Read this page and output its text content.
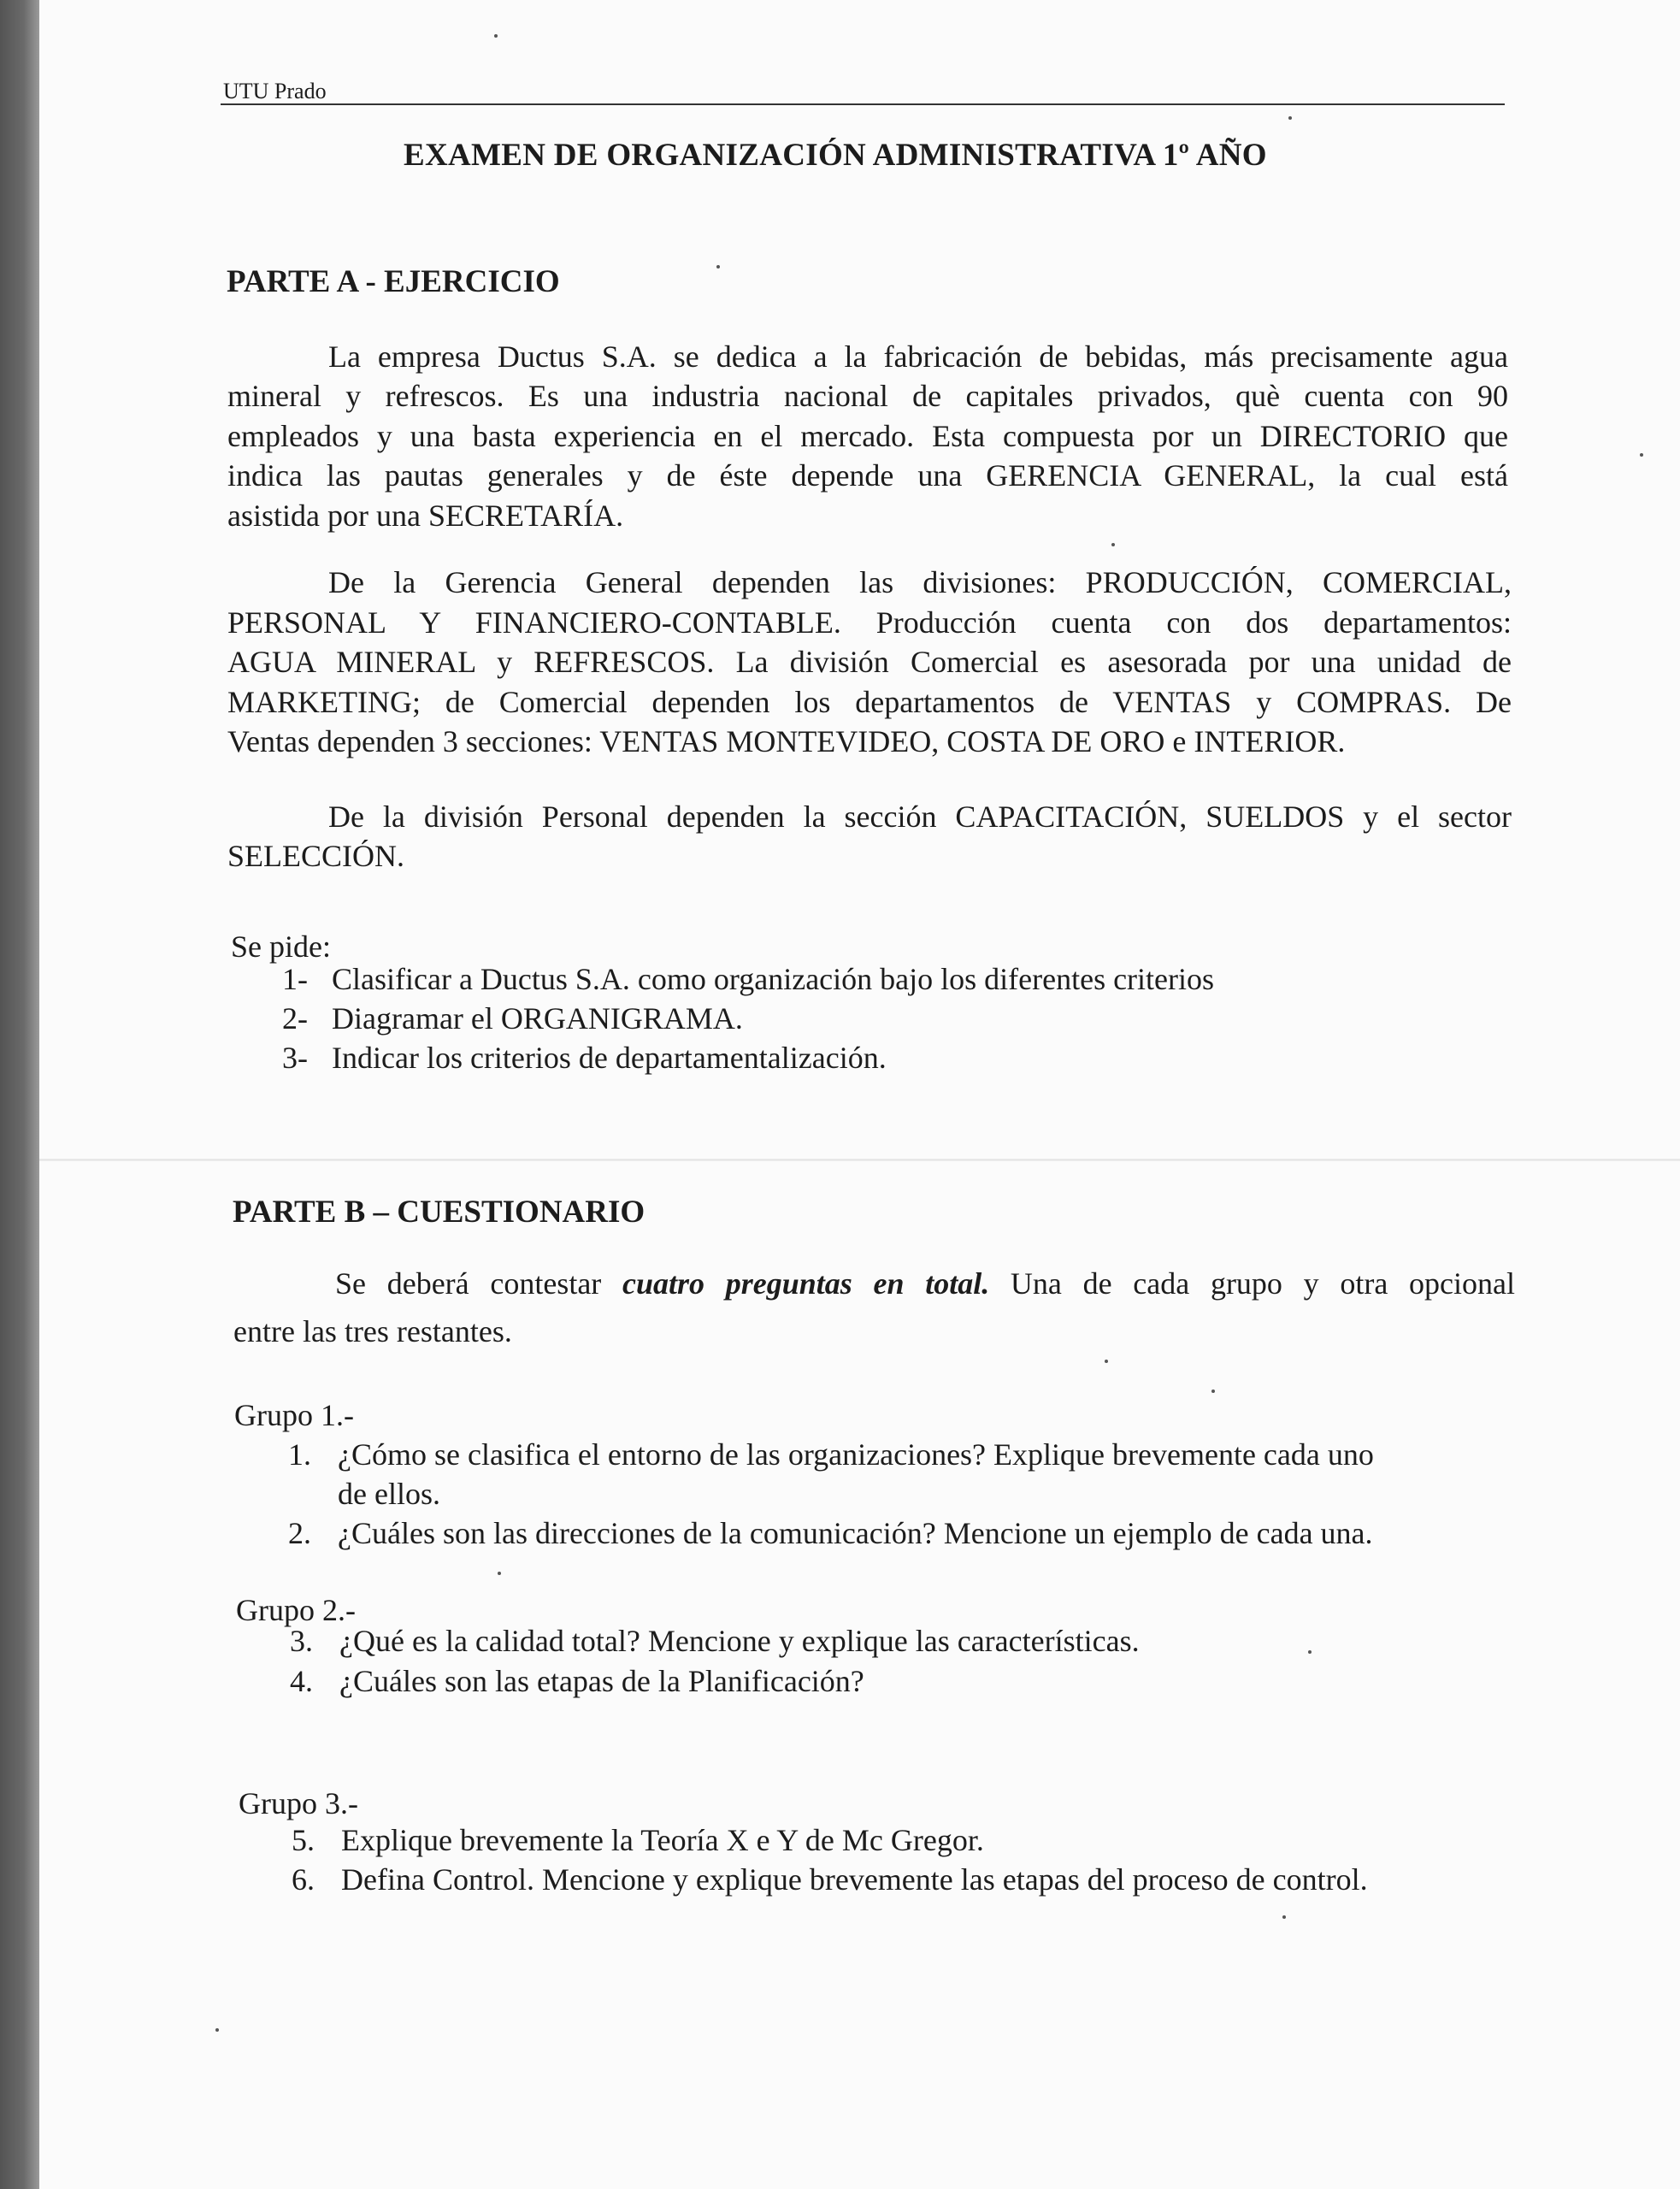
UTU Prado
EXAMEN DE ORGANIZACIÓN ADMINISTRATIVA 1º AÑO
PARTE A - EJERCICIO
La empresa Ductus S.A. se dedica a la fabricación de bebidas, más precisamente agua
mineral y refrescos. Es una industria nacional de capitales privados, què cuenta con 90
empleados y una basta experiencia en el mercado. Esta compuesta por un DIRECTORIO que
indica las pautas generales y de éste depende una GERENCIA GENERAL, la cual está
asistida por una SECRETARÍA.
De la Gerencia General dependen las divisiones: PRODUCCIÓN, COMERCIAL,
PERSONAL Y FINANCIERO-CONTABLE. Producción cuenta con dos departamentos:
AGUA MINERAL y REFRESCOS. La división Comercial es asesorada por una unidad de
MARKETING; de Comercial dependen los departamentos de VENTAS y COMPRAS. De
Ventas dependen 3 secciones: VENTAS MONTEVIDEO, COSTA DE ORO e INTERIOR.
De la división Personal dependen la sección CAPACITACIÓN, SUELDOS y el sector
SELECCIÓN.
Se pide:
1- Clasificar a Ductus S.A. como organización bajo los diferentes criterios
2- Diagramar el ORGANIGRAMA.
3- Indicar los criterios de departamentalización.
PARTE B – CUESTIONARIO
Se deberá contestar cuatro preguntas en total. Una de cada grupo y otra opcional
entre las tres restantes.
Grupo 1.-
1. ¿Cómo se clasifica el entorno de las organizaciones? Explique brevemente cada uno
de ellos.
2. ¿Cuáles son las direcciones de la comunicación? Mencione un ejemplo de cada una.
Grupo 2.-
3. ¿Qué es la calidad total? Mencione y explique las características.
4. ¿Cuáles son las etapas de la Planificación?
Grupo 3.-
5. Explique brevemente la Teoría X e Y de Mc Gregor.
6. Defina Control. Mencione y explique brevemente las etapas del proceso de control.
